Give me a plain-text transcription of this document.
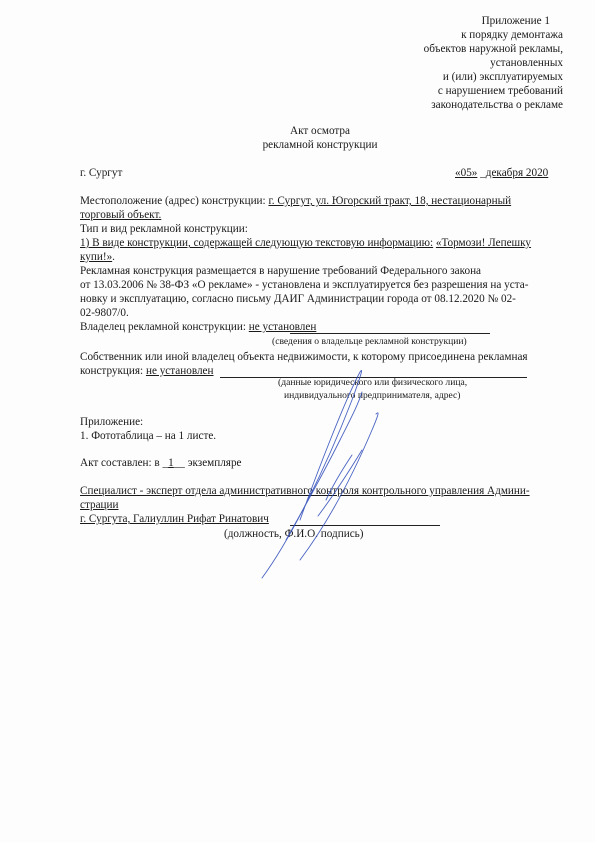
Приложение 1
к порядку демонтажа
объектов наружной рекламы,
установленных
и (или) эксплуатируемых
с нарушением требований
законодательства о рекламе
Акт осмотра
рекламной конструкции
г. Сургут	«05» _декабря 2020
Местоположение (адрес) конструкции: г. Сургут, ул. Югорский тракт, 18, нестационарный
торговый объект.
Тип и вид рекламной конструкции:
1) В виде конструкции, содержащей следующую текстовую информацию: «Тормози! Лепешку
купи!».
Рекламная конструкция размещается в нарушение требований Федерального закона
от 13.03.2006 № 38-ФЗ «О рекламе» - установлена и эксплуатируется без разрешения на уста-
новку и эксплуатацию, согласно письму ДАИГ Администрации города от 08.12.2020 № 02-
02-9807/0.
Владелец рекламной конструкции: не установлен
(сведения о владельце рекламной конструкции)
Собственник или иной владелец объекта недвижимости, к которому присоединена рекламная
конструкция: не установлен
(данные юридического или физического лица,
индивидуального предпринимателя, адрес)
Приложение:
1. Фототаблица – на 1 листе.
Акт составлен: в _1__ экземпляре
Специалист - эксперт отдела административного контроля контрольного управления Админи-
страции
г. Сургута, Галиуллин Рифат Ринатович
(должность, Ф.И.О. подпись)
